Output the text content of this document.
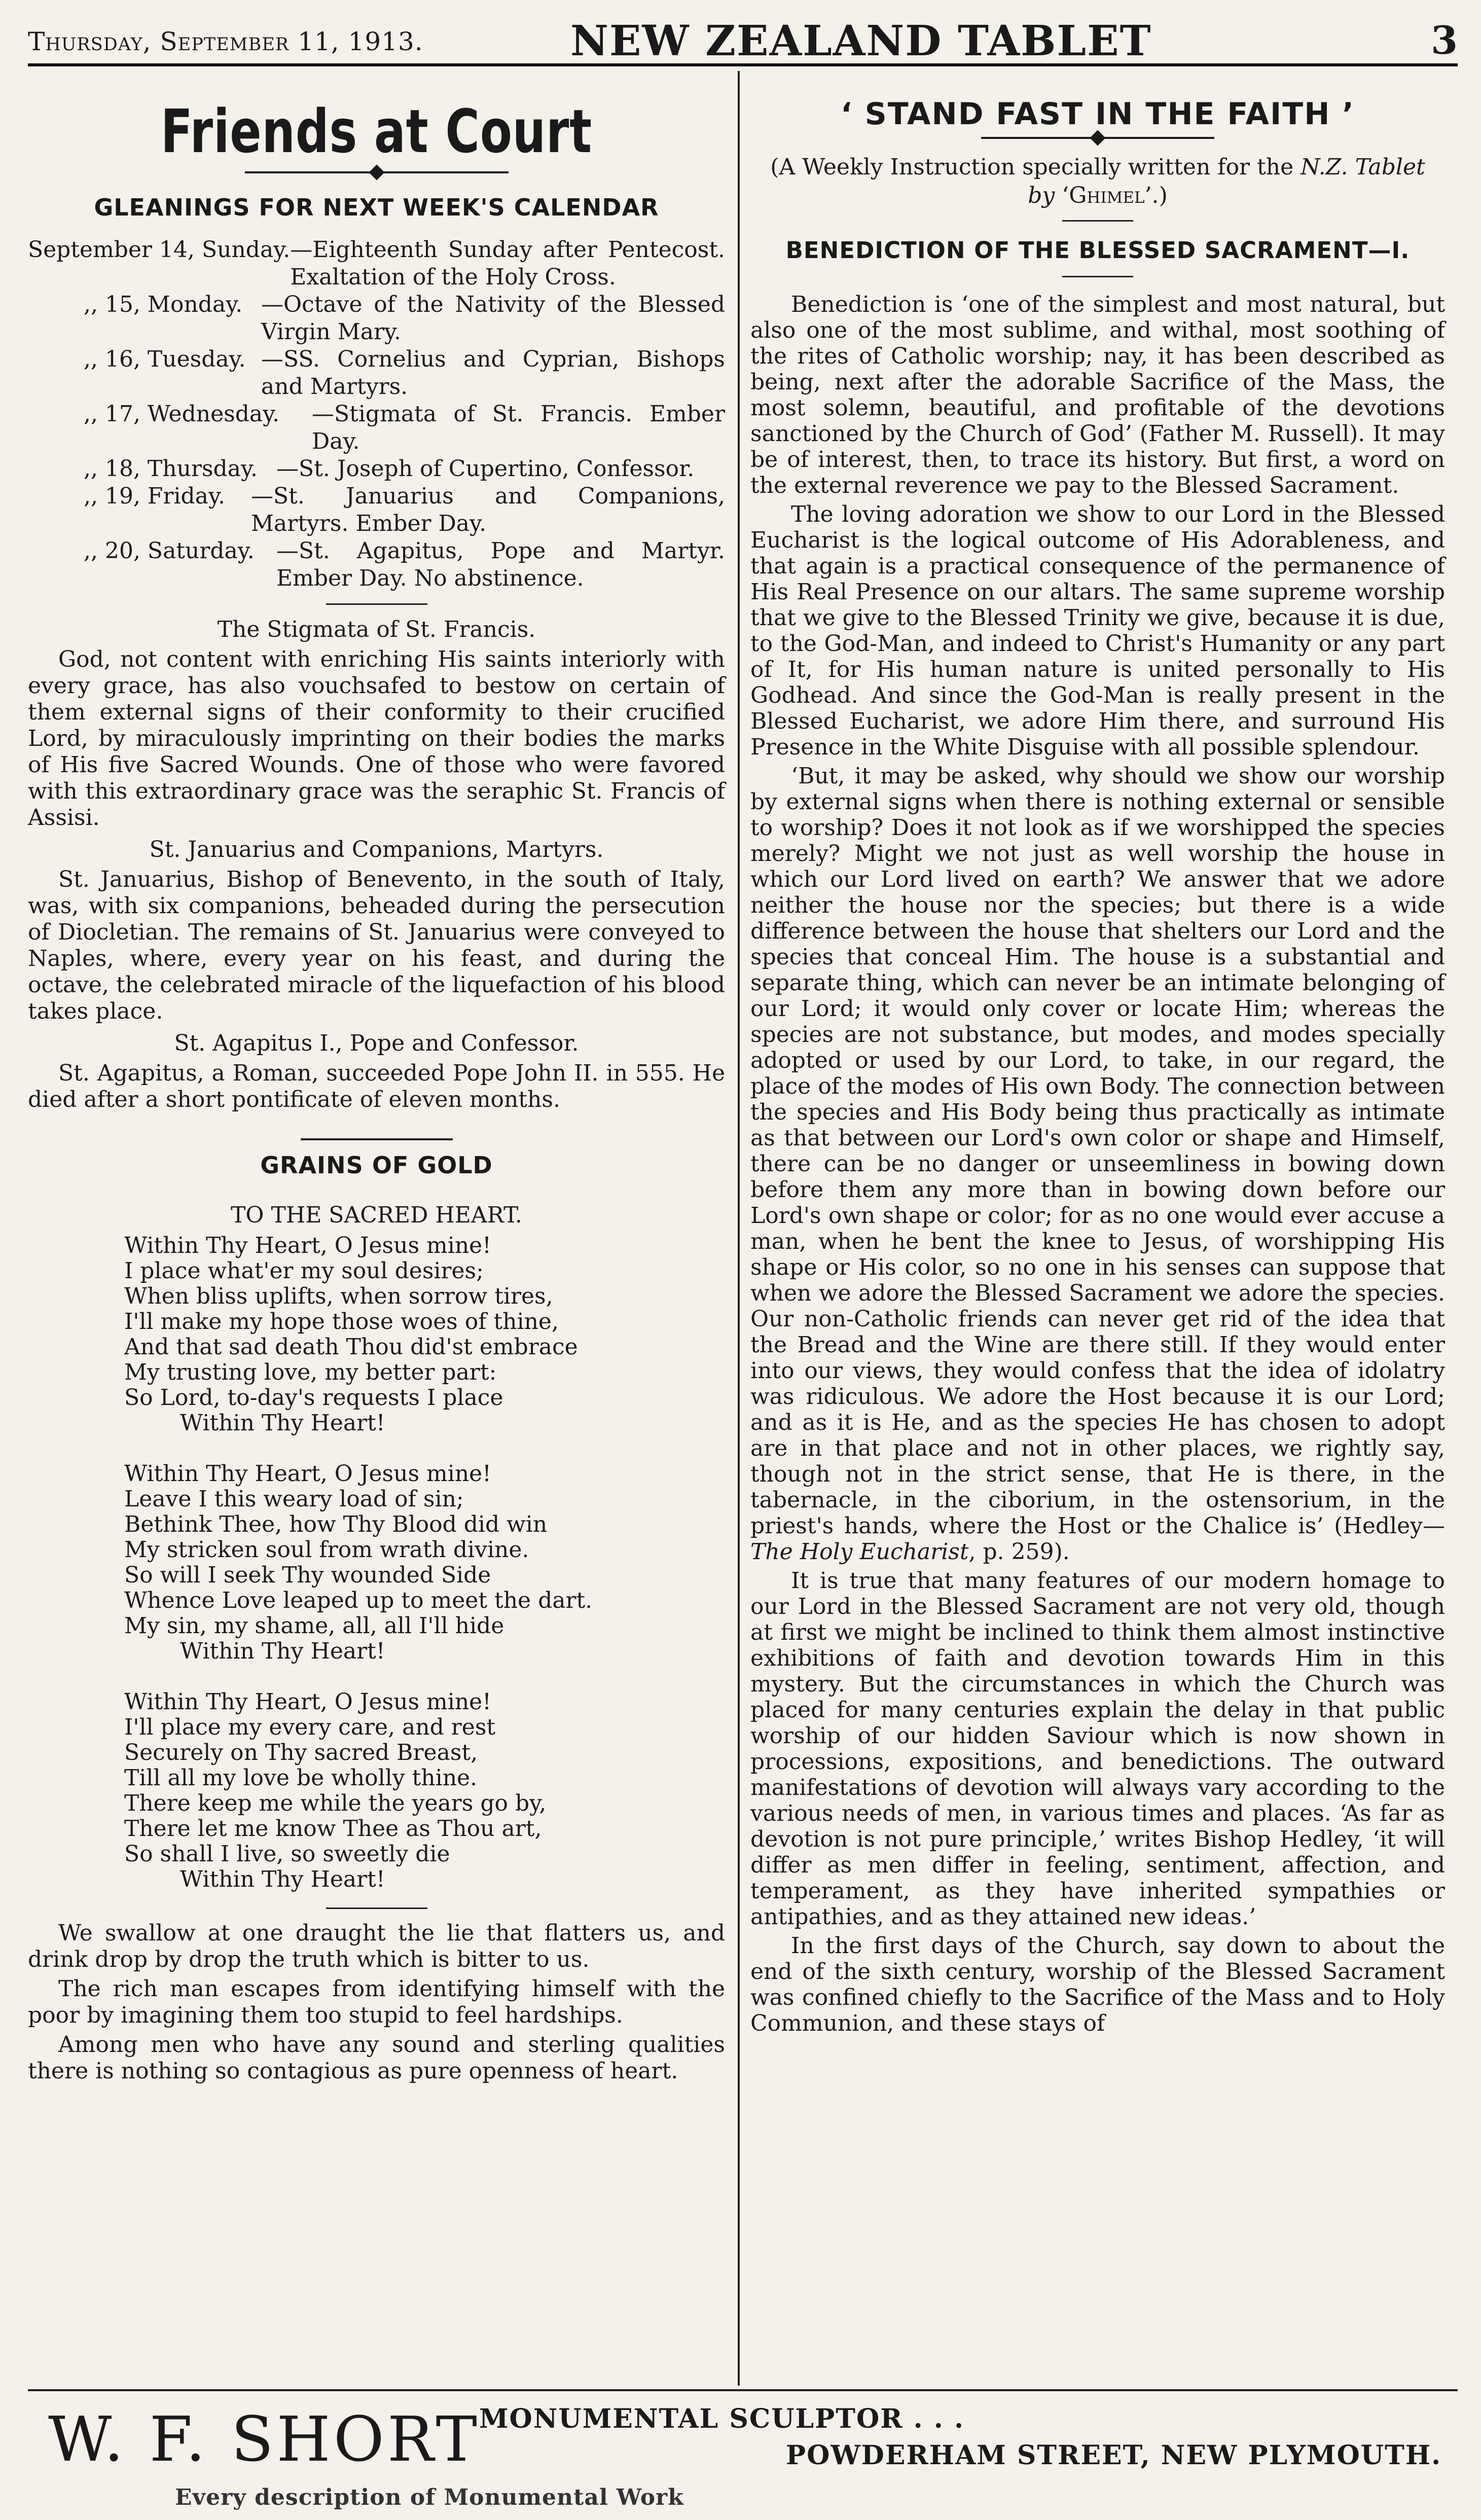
Thursday, September 11, 1913.	NEW ZEALAND TABLET	3
Friends at Court
GLEANINGS FOR NEXT WEEK'S CALENDAR
September 14, Sunday. —Eighteenth Sunday after Pentecost. Exaltation of the Holy Cross.
,, 15, Monday. —Octave of the Nativity of the Blessed Virgin Mary.
,, 16, Tuesday. —SS. Cornelius and Cyprian, Bishops and Martyrs.
,, 17, Wednesday.	—Stigmata of St. Francis. Ember Day.
,, 18, Thursday. —St. Joseph of Cupertino, Confessor.
,, 19, Friday.	—St. Januarius and Companions, Martyrs. Ember Day.
,, 20, Saturday. —St. Agapitus, Pope and Martyr. Ember Day. No abstinence.
The Stigmata of St. Francis.

God, not content with enriching His saints interiorly with every grace, has also vouchsafed to bestow on certain of them external signs of their conformity to their crucified Lord, by miraculously imprinting on their bodies the marks of His five Sacred Wounds. One of those who were favored with this extraordinary grace was the seraphic St. Francis of Assisi.

St. Januarius and Companions, Martyrs.

St. Januarius, Bishop of Benevento, in the south of Italy, was, with six companions, beheaded during the persecution of Diocletian. The remains of St. Januarius were conveyed to Naples, where, every year on his feast, and during the octave, the celebrated miracle of the liquefaction of his blood takes place.

St. Agapitus I., Pope and Confessor.

St. Agapitus, a Roman, succeeded Pope John II. in 555. He died after a short pontificate of eleven months.

GRAINS OF GOLD
TO THE SACRED HEART.
Within Thy Heart, O Jesus mine!
I place what'er my soul desires;
When bliss uplifts, when sorrow tires,
I'll make my hope those woes of thine,
And that sad death Thou did'st embrace
My trusting love, my better part:
So Lord, to-day's requests I place
Within Thy Heart!
Within Thy Heart, O Jesus mine!
Leave I this weary load of sin;
Bethink Thee, how Thy Blood did win
My stricken soul from wrath divine.
So will I seek Thy wounded Side
Whence Love leaped up to meet the dart.
My sin, my shame, all, all I'll hide
Within Thy Heart!
Within Thy Heart, O Jesus mine!
I'll place my every care, and rest
Securely on Thy sacred Breast,
Till all my love be wholly thine.
There keep me while the years go by,
There let me know Thee as Thou art,
So shall I live, so sweetly die
Within Thy Heart!

We swallow at one draught the lie that flatters us, and drink drop by drop the truth which is bitter to us.

The rich man escapes from identifying himself with the poor by imagining them too stupid to feel hardships.

Among men who have any sound and sterling qualities there is nothing so contagious as pure openness of heart.

‘ STAND FAST IN THE FAITH ’
(A Weekly Instruction specially written for the N.Z. Tablet by ‘Ghimel’.)
BENEDICTION OF THE BLESSED SACRAMENT—I.

Benediction is ‘one of the simplest and most natural, but also one of the most sublime, and withal, most soothing of the rites of Catholic worship; nay, it has been described as being, next after the adorable Sacrifice of the Mass, the most solemn, beautiful, and profitable of the devotions sanctioned by the Church of God’ (Father M. Russell). It may be of interest, then, to trace its history. But first, a word on the external reverence we pay to the Blessed Sacrament.

The loving adoration we show to our Lord in the Blessed Eucharist is the logical outcome of His Adorableness, and that again is a practical consequence of the permanence of His Real Presence on our altars. The same supreme worship that we give to the Blessed Trinity we give, because it is due, to the God-Man, and indeed to Christ's Humanity or any part of It, for His human nature is united personally to His Godhead. And since the God-Man is really present in the Blessed Eucharist, we adore Him there, and surround His Presence in the White Disguise with all possible splendour.

‘But, it may be asked, why should we show our worship by external signs when there is nothing external or sensible to worship? Does it not look as if we worshipped the species merely? Might we not just as well worship the house in which our Lord lived on earth? We answer that we adore neither the house nor the species; but there is a wide difference between the house that shelters our Lord and the species that conceal Him. The house is a substantial and separate thing, which can never be an intimate belonging of our Lord; it would only cover or locate Him; whereas the species are not substance, but modes, and modes specially adopted or used by our Lord, to take, in our regard, the place of the modes of His own Body. The connection between the species and His Body being thus practically as intimate as that between our Lord's own color or shape and Himself, there can be no danger or unseemliness in bowing down before them any more than in bowing down before our Lord's own shape or color; for as no one would ever accuse a man, when he bent the knee to Jesus, of worshipping His shape or His color, so no one in his senses can suppose that when we adore the Blessed Sacrament we adore the species. Our non-Catholic friends can never get rid of the idea that the Bread and the Wine are there still. If they would enter into our views, they would confess that the idea of idolatry was ridiculous. We adore the Host because it is our Lord; and as it is He, and as the species He has chosen to adopt are in that place and not in other places, we rightly say, though not in the strict sense, that He is there, in the tabernacle, in the ciborium, in the ostensorium, in the priest's hands, where the Host or the Chalice is’ (Hedley—The Holy Eucharist, p. 259).

It is true that many features of our modern homage to our Lord in the Blessed Sacrament are not very old, though at first we might be inclined to think them almost instinctive exhibitions of faith and devotion towards Him in this mystery. But the circumstances in which the Church was placed for many centuries explain the delay in that public worship of our hidden Saviour which is now shown in processions, expositions, and benedictions. The outward manifestations of devotion will always vary according to the various needs of men, in various times and places. ‘As far as devotion is not pure principle,’ writes Bishop Hedley, ‘it will differ as men differ in feeling, sentiment, affection, and temperament, as they have inherited sympathies or antipathies, and as they attained new ideas.’

In the first days of the Church, say down to about the end of the sixth century, worship of the Blessed Sacrament was confined chiefly to the Sacrifice of the Mass and to Holy Communion, and these stays of

W. F. SHORT
MONUMENTAL SCULPTOR . . .
POWDERHAM STREET, NEW PLYMOUTH.
Every description of Monumental Work
